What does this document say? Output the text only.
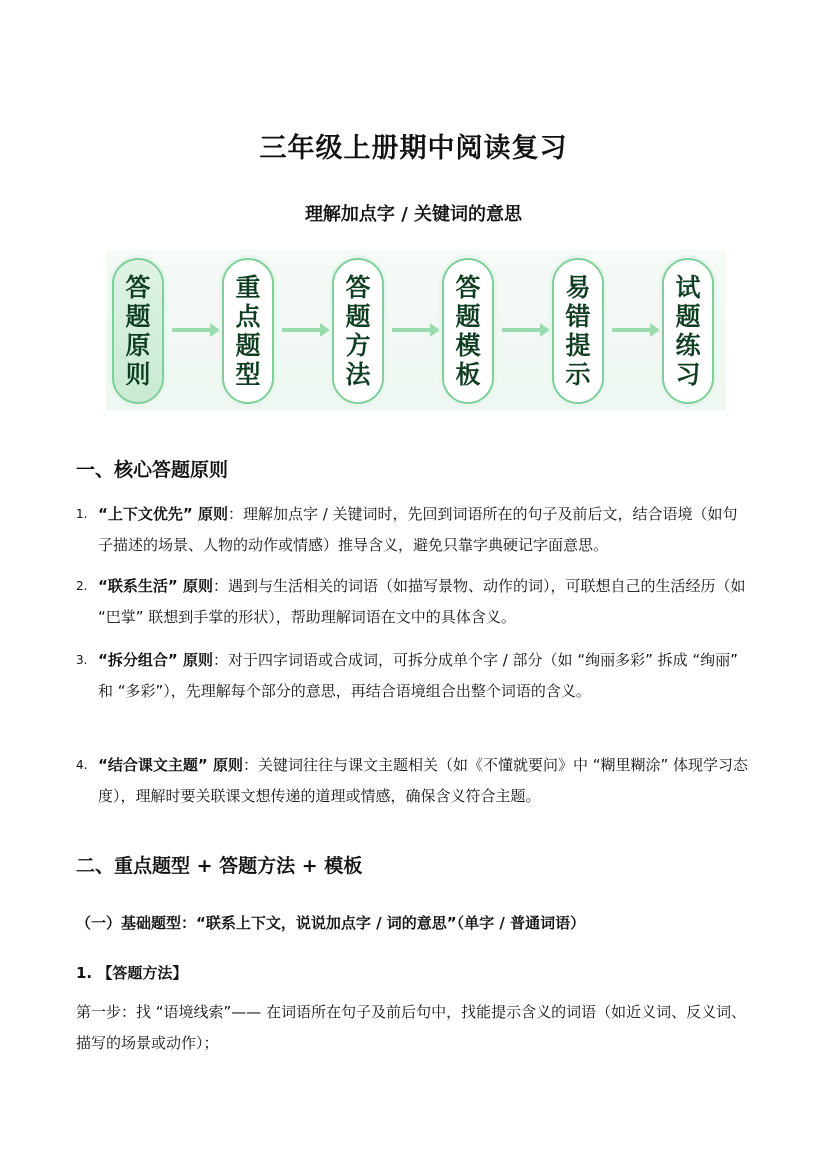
三年级上册期中阅读复习
理解加点字 / 关键词的意思
答
题
原
则
重
点
题
型
答
题
方
法
答
题
模
板
易
错
提
示
试
题
练
习
一、核心答题原则
1. “上下文优先” 原则：理解加点字 / 关键词时，先回到词语所在的句子及前后文，结合语境（如句子描述的场景、人物的动作或情感）推导含义，避免只靠字典硬记字面意思。
2. “联系生活” 原则：遇到与生活相关的词语（如描写景物、动作的词），可联想自己的生活经历（如 “巴掌” 联想到手掌的形状），帮助理解词语在文中的具体含义。
3. “拆分组合” 原则：对于四字词语或合成词，可拆分成单个字 / 部分（如 “绚丽多彩” 拆成 “绚丽” 和 “多彩”），先理解每个部分的意思，再结合语境组合出整个词语的含义。
4. “结合课文主题” 原则：关键词往往与课文主题相关（如《不懂就要问》中 “糊里糊涂” 体现学习态度），理解时要关联课文想传递的道理或情感，确保含义符合主题。
二、重点题型 + 答题方法 + 模板
（一）基础题型：“联系上下文，说说加点字 / 词的意思”（单字 / 普通词语）
1. 【答题方法】
第一步：找 “语境线索”—— 在词语所在句子及前后句中，找能提示含义的词语（如近义词、反义词、描写的场景或动作）；
